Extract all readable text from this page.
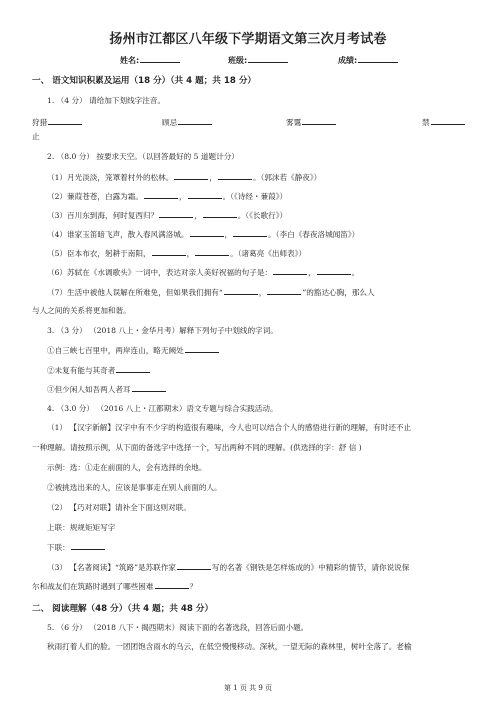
扬州市江都区八年级下学期语文第三次月考试卷
姓名:	班级:	成绩:
一、 语文知识积累及运用（18 分）（共 4 题；共 18 分）
1. （4 分） 请给加下划线字注音。
狩猎	顾忌	雾霭	禁
止
2. （8.0 分） 按要求天空。（以回答最好的 5 道题计分）
（1）月光淡淡，笼罩着村外的松林。	，	。（郭沫若《静夜》）
（2）蒹葭苍苍，白露为霜。	，	。（《诗经・蒹葭》）
（3）百川东到海，何时复西归？	，	。（《长歌行》）
（4）谁家玉笛暗飞声，散入春风满洛城。	，	。（李白《春夜洛城闻笛》）
（5）臣本布衣，躬耕于南阳，	，	。（诸葛亮《出师表》）
（6）苏轼在《水调歌头》一词中，表达对亲人美好祝福的句子是：	，	。
（7）生活中被他人误解在所难免，但如果我们拥有“	，	”的豁达心胸，那么人
与人之间的关系将更加和谐。
3. （3 分） （2018 八上・金华月考）解释下列句子中划线的字词。
①自三峡七百里中，两岸连山，略无阙处
②未复有能与其奇者
③但少闲人如吾两人者耳
4. （3.0 分） （2016 八上・江都期末）语文专题与综合实践活动。
（1） 【汉字新解】汉字中有不少字的构造很有趣味，今人也可以结合个人的感悟进行新的理解，有时还不止
一种理解。请按照示例，从下面的备选字中选择一个，写出两种不同的理解。(供选择的字：舒 信 )
示例：选：①走在前面的人，会有选择的余地。
②被挑选出来的人，应该是事事走在别人前面的人。
（2） 【巧对对联】请补全下面这则对联。
上联：规规矩矩写字
下联：
（3） 【名著阅读】“筑路”是苏联作家	写的名著《钢铁是怎样炼成的》中精彩的情节，请你说说保
尔和战友们在筑路时遇到了哪些困难	？
二、 阅读理解（48 分）（共 4 题；共 48 分）
5. （6 分） （2018 八下・揭西期末）阅读下面的名著选段，回答后面小题。
秋雨打着人们的脸。一团团饱含雨水的乌云，在低空慢慢移动。深秋，一望无际的森林里，树叶全落了。老榆
第 1 页 共 9 页
